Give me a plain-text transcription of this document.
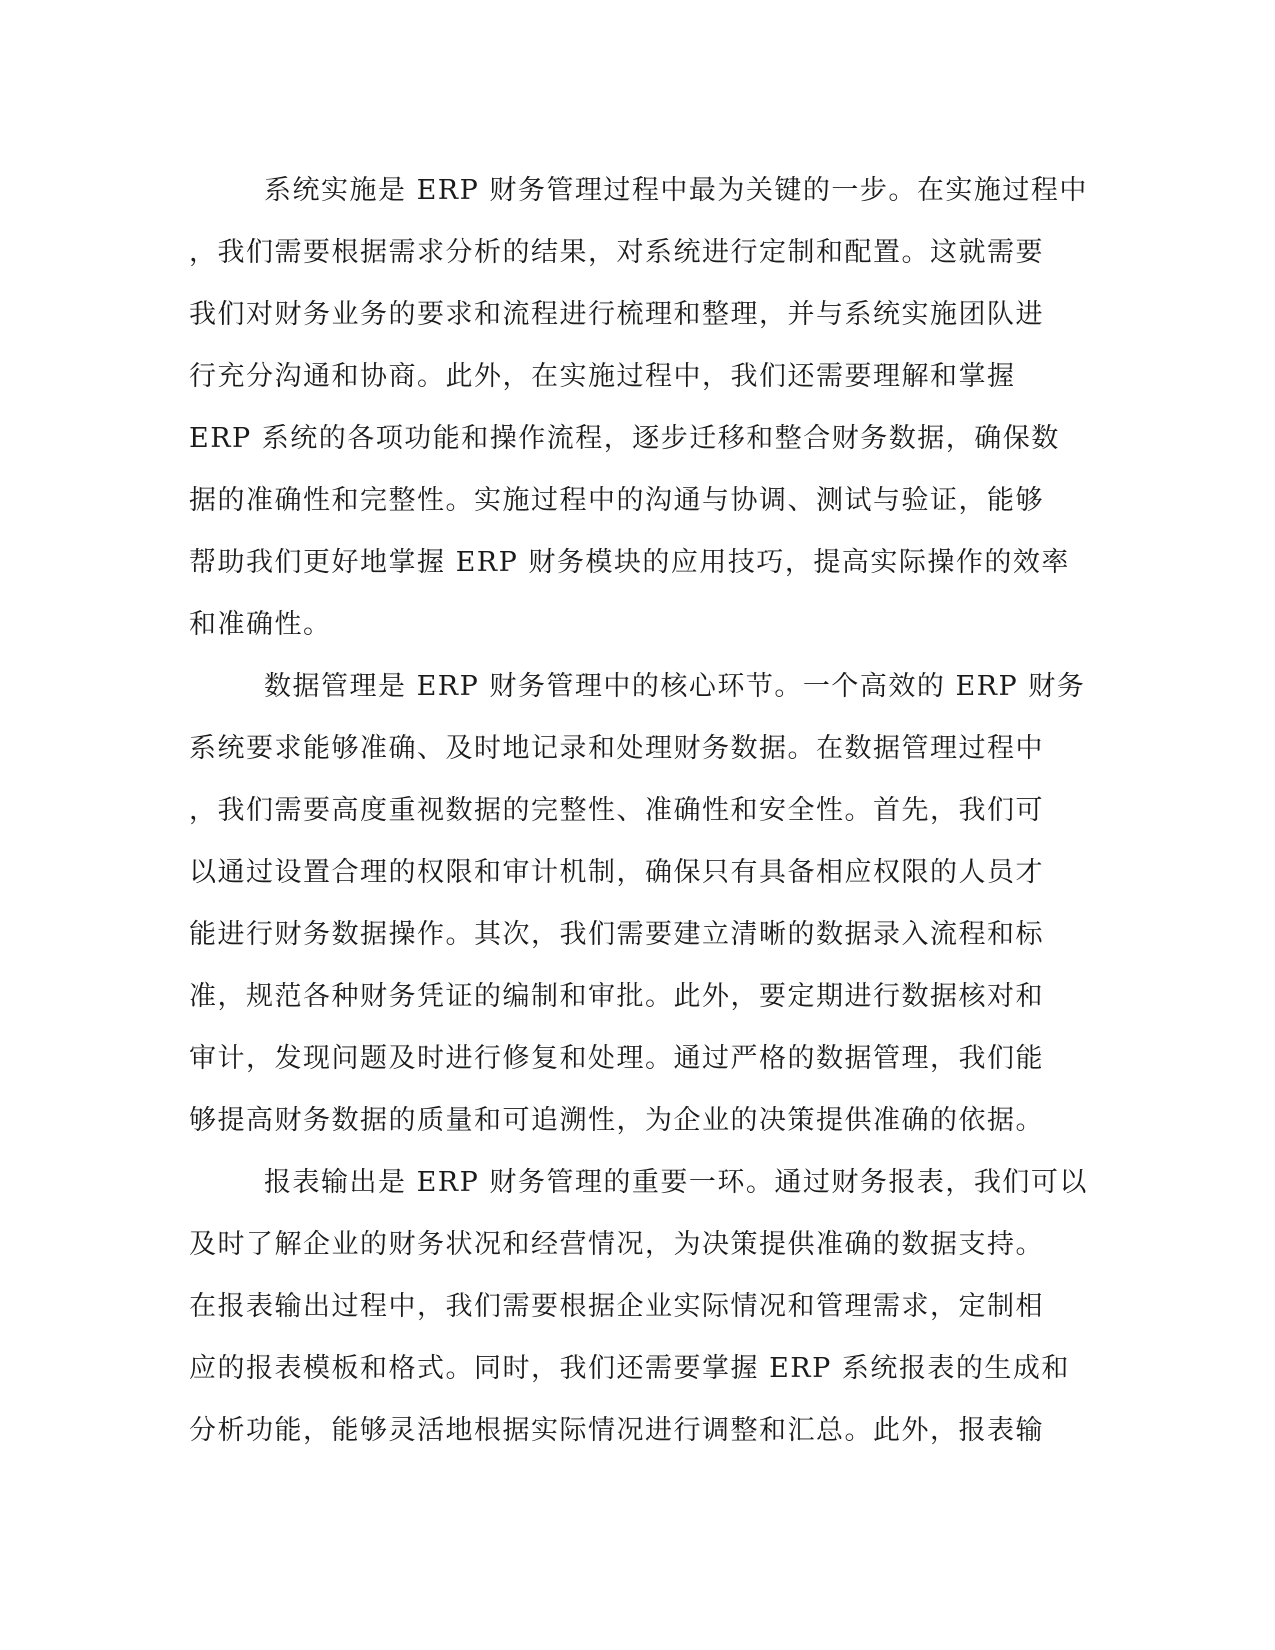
系统实施是 ERP 财务管理过程中最为关键的一步。在实施过程中
，我们需要根据需求分析的结果，对系统进行定制和配置。这就需要
我们对财务业务的要求和流程进行梳理和整理，并与系统实施团队进
行充分沟通和协商。此外，在实施过程中，我们还需要理解和掌握
ERP 系统的各项功能和操作流程，逐步迁移和整合财务数据，确保数
据的准确性和完整性。实施过程中的沟通与协调、测试与验证，能够
帮助我们更好地掌握 ERP 财务模块的应用技巧，提高实际操作的效率
和准确性。
数据管理是 ERP 财务管理中的核心环节。一个高效的 ERP 财务
系统要求能够准确、及时地记录和处理财务数据。在数据管理过程中
，我们需要高度重视数据的完整性、准确性和安全性。首先，我们可
以通过设置合理的权限和审计机制，确保只有具备相应权限的人员才
能进行财务数据操作。其次，我们需要建立清晰的数据录入流程和标
准，规范各种财务凭证的编制和审批。此外，要定期进行数据核对和
审计，发现问题及时进行修复和处理。通过严格的数据管理，我们能
够提高财务数据的质量和可追溯性，为企业的决策提供准确的依据。
报表输出是 ERP 财务管理的重要一环。通过财务报表，我们可以
及时了解企业的财务状况和经营情况，为决策提供准确的数据支持。
在报表输出过程中，我们需要根据企业实际情况和管理需求，定制相
应的报表模板和格式。同时，我们还需要掌握 ERP 系统报表的生成和
分析功能，能够灵活地根据实际情况进行调整和汇总。此外，报表输
